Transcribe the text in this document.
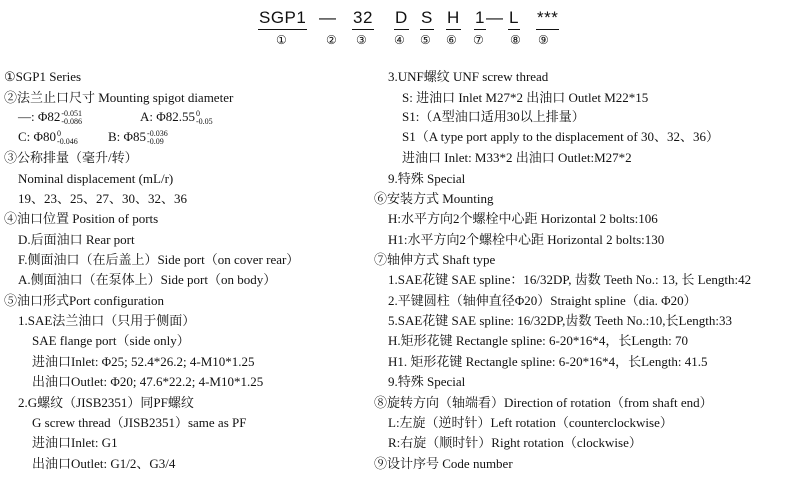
SGP1 — 32 D S H 1 — L ***
①	② ③ ④ ⑤ ⑥ ⑦ ⑧ ⑨
①SGP1 Series
②法兰止口尺寸 Mounting spigot diameter
—: Φ82 -0.051
-0.086	A: Φ82.55 0
-0.05
C: Φ80 0
-0.046 B: Φ85 -0.036
-0.09
③公称排量（毫升/转）
Nominal displacement (mL/r)
19、23、25、27、30、32、36
④油口位置 Position of ports
D.后面油口 Rear port
F.侧面油口（在后盖上）Side port（on cover rear）
A.侧面油口（在泵体上）Side port（on body）
⑤油口形式Port configuration
1.SAE法兰油口（只用于侧面）
SAE flange port（side only）
进油口Inlet: Φ25; 52.4*26.2; 4-M10*1.25
出油口Outlet: Φ20; 47.6*22.2; 4-M10*1.25
2.G螺纹（JISB2351）同PF螺纹
G screw thread（JISB2351）same as PF
进油口Inlet: G1
出油口Outlet: G1/2、G3/4
3.UNF螺纹 UNF screw thread
S: 进油口 Inlet M27*2 出油口 Outlet M22*15
S1:（A型油口适用30以上排量）
S1（A type port apply to the displacement of 30、32、36）
进油口 Inlet: M33*2 出油口 Outlet:M27*2
9.特殊 Special
⑥安装方式 Mounting
H:水平方向2个螺栓中心距 Horizontal 2 bolts:106
H1:水平方向2个螺栓中心距 Horizontal 2 bolts:130
⑦轴伸方式 Shaft type
1.SAE花键 SAE spline：16/32DP, 齿数 Teeth No.: 13, 长 Length:42
2.平键圆柱（轴伸直径Φ20）Straight spline（dia. Φ20）
5.SAE花键 SAE spline: 16/32DP,齿数 Teeth No.:10,长Length:33
H.矩形花键 Rectangle spline: 6-20*16*4，长Length: 70
H1. 矩形花键 Rectangle spline: 6-20*16*4，长Length: 41.5
9.特殊 Special
⑧旋转方向（轴端看）Direction of rotation（from shaft end）
L:左旋（逆时针）Left rotation（counterclockwise）
R:右旋（顺时针）Right rotation（clockwise）
⑨设计序号 Code number
